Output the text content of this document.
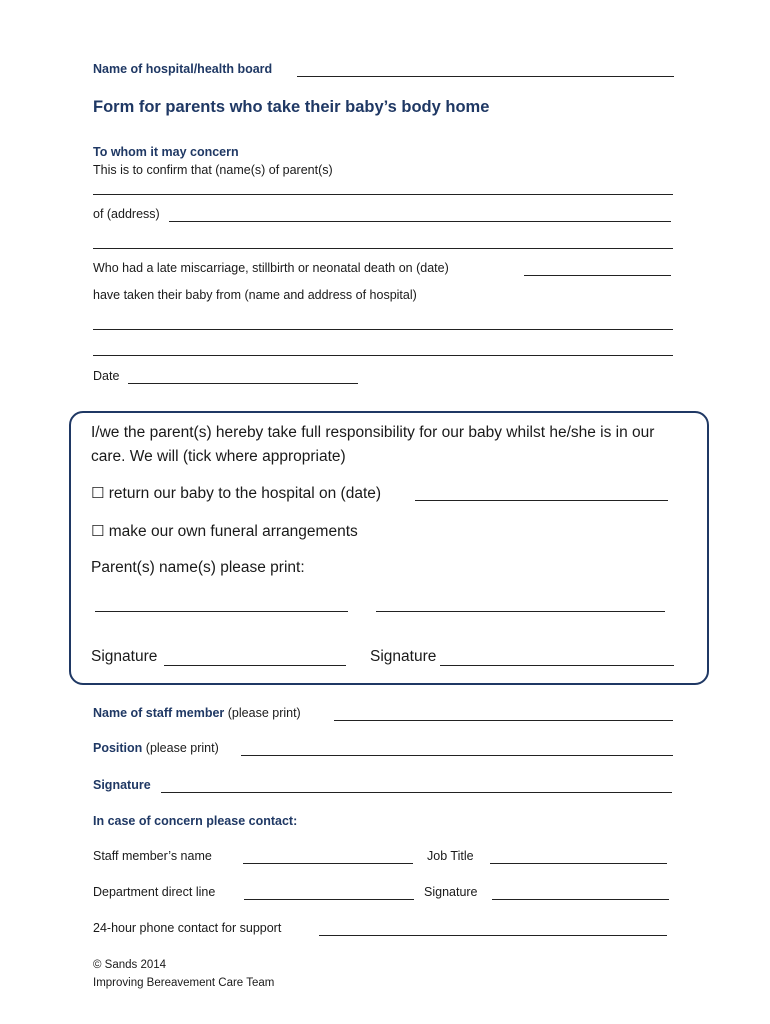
Name of hospital/health board
Form for parents who take their baby’s body home
To whom it may concern
This is to confirm that (name(s) of parent(s)
of (address)
Who had a late miscarriage, stillbirth or neonatal death on (date)
have taken their baby from (name and address of hospital)
Date
I/we the parent(s) hereby take full responsibility for our baby whilst he/she is in our
care. We will (tick where appropriate)
☐ return our baby to the hospital on (date)
☐ make our own funeral arrangements
Parent(s) name(s) please print:
Signature	Signature
Name of staff member (please print)
Position (please print)
Signature
In case of concern please contact:
Staff member’s name	Job Title
Department direct line	Signature
24-hour phone contact for support
© Sands 2014
Improving Bereavement Care Team
